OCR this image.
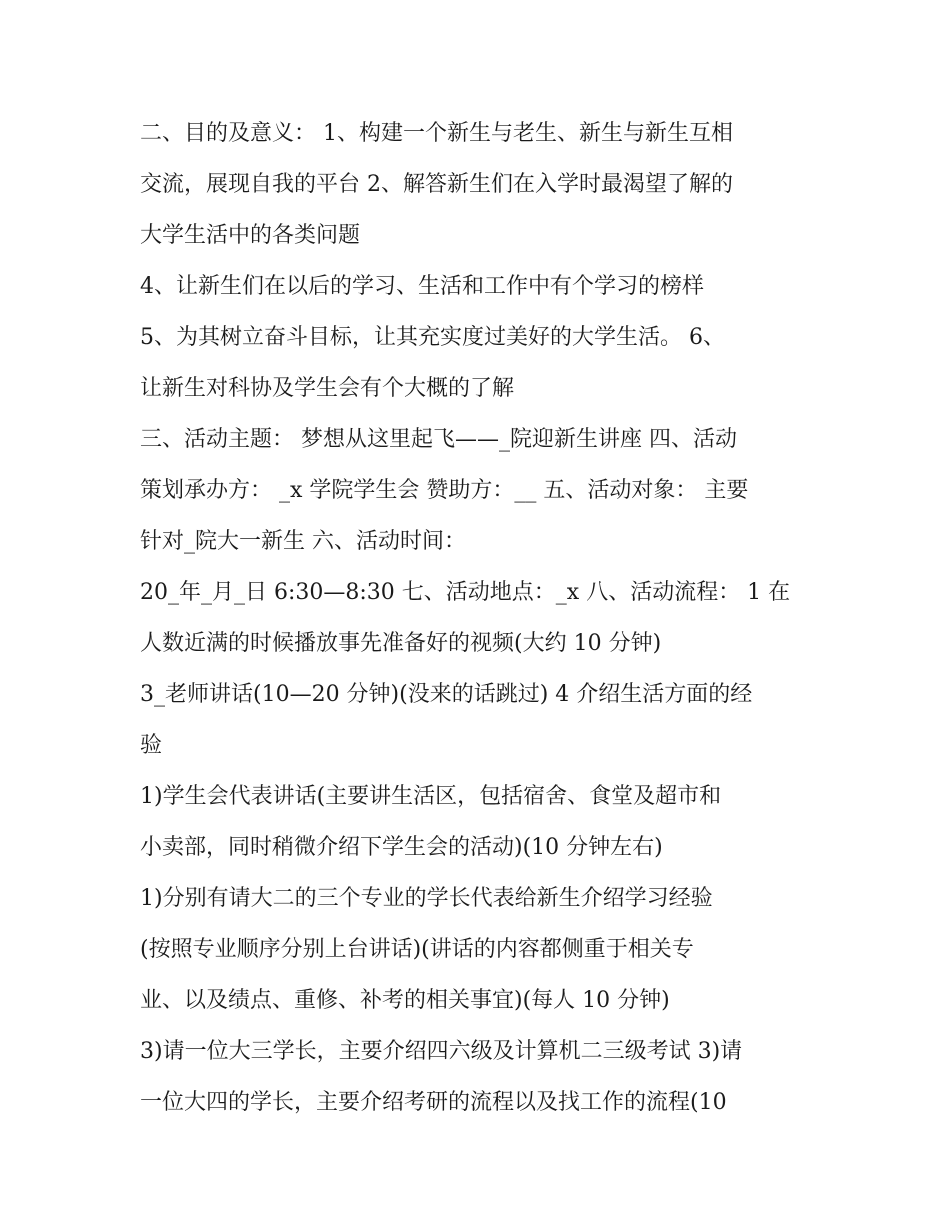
二、目的及意义： 1、构建一个新生与老生、新生与新生互相
交流，展现自我的平台 2、解答新生们在入学时最渴望了解的
大学生活中的各类问题
4、让新生们在以后的学习、生活和工作中有个学习的榜样
5、为其树立奋斗目标，让其充实度过美好的大学生活。 6、
让新生对科协及学生会有个大概的了解
三、活动主题： 梦想从这里起飞——_院迎新生讲座 四、活动
策划承办方： _x 学院学生会 赞助方：__ 五、活动对象： 主要
针对_院大一新生 六、活动时间：
20_年_月_日 6:30—8:30 七、活动地点：_x 八、活动流程： 1 在
人数近满的时候播放事先准备好的视频(大约 10 分钟)
3_老师讲话(10—20 分钟)(没来的话跳过) 4 介绍生活方面的经
验
1)学生会代表讲话(主要讲生活区，包括宿舍、食堂及超市和
小卖部，同时稍微介绍下学生会的活动)(10 分钟左右)
1)分别有请大二的三个专业的学长代表给新生介绍学习经验
(按照专业顺序分别上台讲话)(讲话的内容都侧重于相关专
业、以及绩点、重修、补考的相关事宜)(每人 10 分钟)
3)请一位大三学长，主要介绍四六级及计算机二三级考试 3)请
一位大四的学长，主要介绍考研的流程以及找工作的流程(10
